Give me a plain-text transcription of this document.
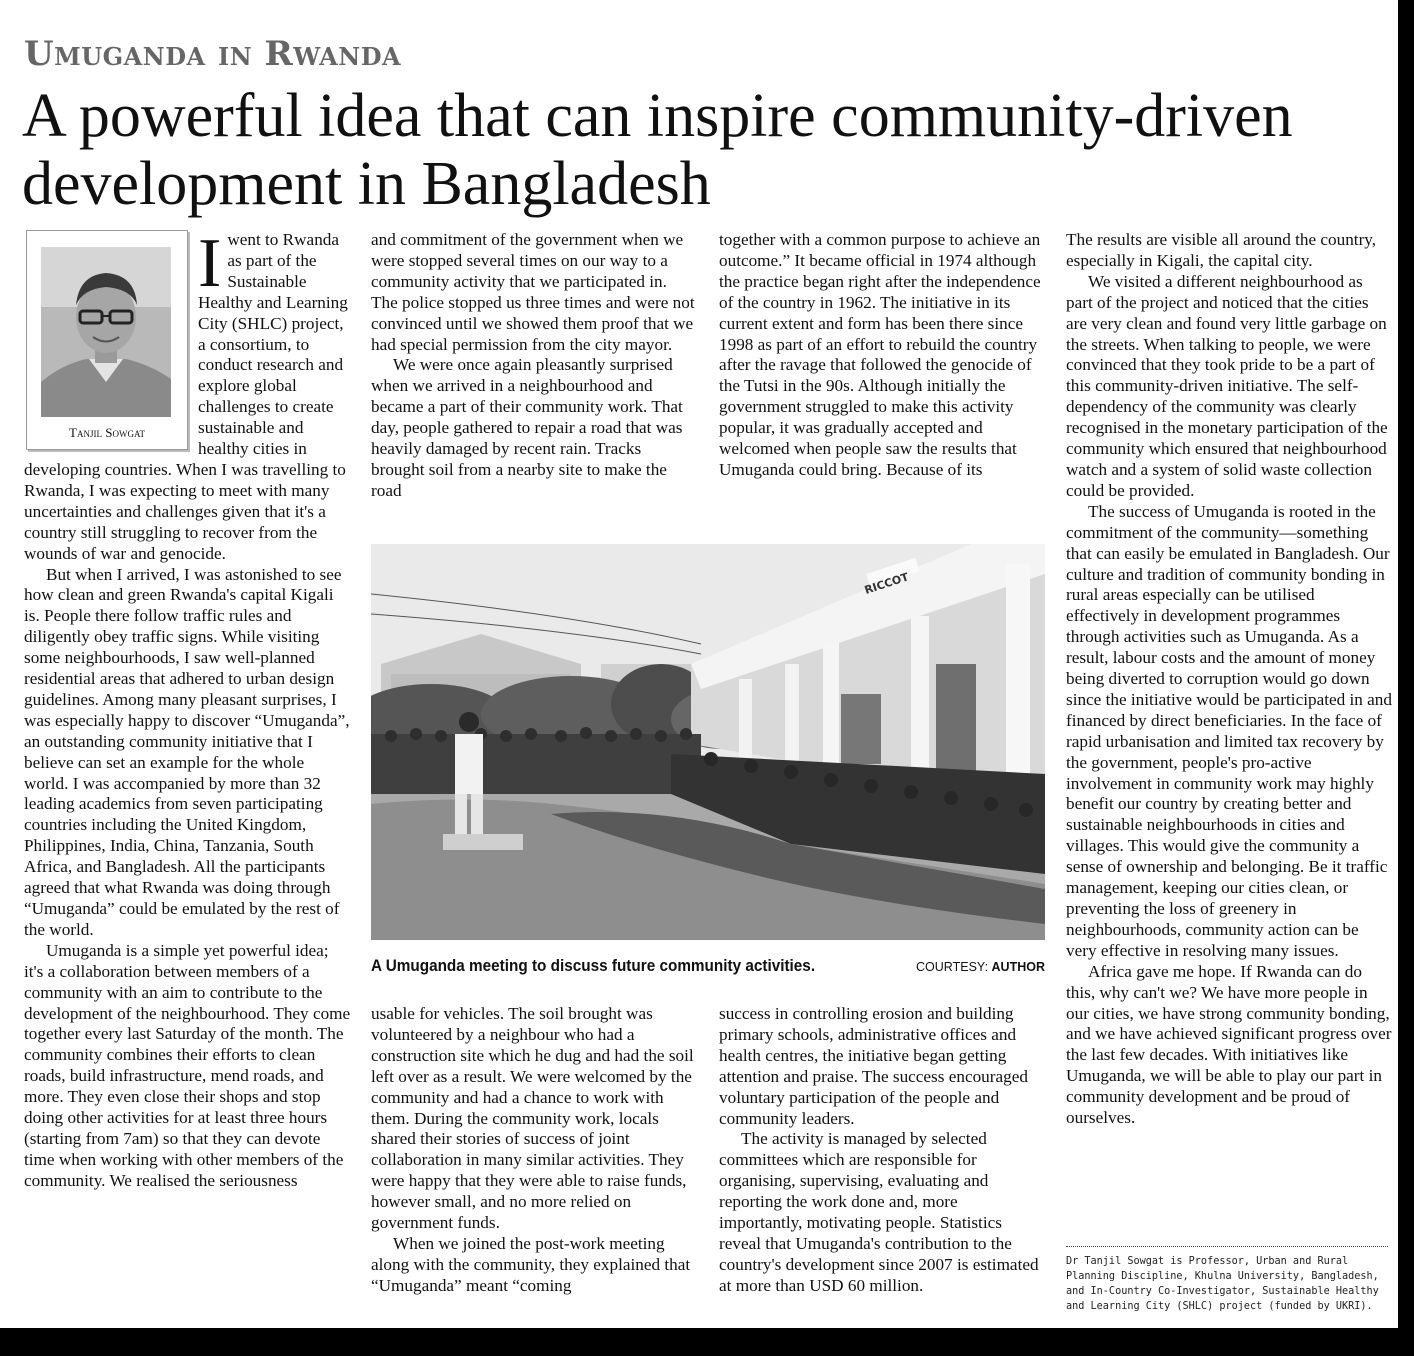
Umuganda in Rwanda
A powerful idea that can inspire community-driven development in Bangladesh
Tanjil Sowgat
I went to Rwanda as part of the Sustainable Healthy and Learning City (SHLC) project, a consortium, to conduct research and explore global challenges to create sustainable and healthy cities in developing countries. When I was travelling to Rwanda, I was expecting to meet with many uncertainties and challenges given that it's a country still struggling to recover from the wounds of war and genocide.

But when I arrived, I was astonished to see how clean and green Rwanda's capital Kigali is. People there follow traffic rules and diligently obey traffic signs. While visiting some neighbourhoods, I saw well-planned residential areas that adhered to urban design guidelines. Among many pleasant surprises, I was especially happy to discover “Umuganda”, an outstanding community initiative that I believe can set an example for the whole world. I was accompanied by more than 32 leading academics from seven participating countries including the United Kingdom, Philippines, India, China, Tanzania, South Africa, and Bangladesh. All the participants agreed that what Rwanda was doing through “Umuganda” could be emulated by the rest of the world.

Umuganda is a simple yet powerful idea; it's a collaboration between members of a community with an aim to contribute to the development of the neighbourhood. They come together every last Saturday of the month. The community combines their efforts to clean roads, build infrastructure, mend roads, and more. They even close their shops and stop doing other activities for at least three hours (starting from 7am) so that they can devote time when working with other members of the community. We realised the seriousness

and commitment of the government when we were stopped several times on our way to a community activity that we participated in. The police stopped us three times and were not convinced until we showed them proof that we had special permission from the city mayor.

We were once again pleasantly surprised when we arrived in a neighbourhood and became a part of their community work. That day, people gathered to repair a road that was heavily damaged by recent rain. Tracks brought soil from a nearby site to make the road

together with a common purpose to achieve an outcome.” It became official in 1974 although the practice began right after the independence of the country in 1962. The initiative in its current extent and form has been there since 1998 as part of an effort to rebuild the country after the ravage that followed the genocide of the Tutsi in the 90s. Although initially the government struggled to make this activity popular, it was gradually accepted and welcomed when people saw the results that Umuganda could bring. Because of its

RICCOT
A Umuganda meeting to discuss future community activities.	COURTESY: AUTHOR

usable for vehicles. The soil brought was volunteered by a neighbour who had a construction site which he dug and had the soil left over as a result. We were welcomed by the community and had a chance to work with them. During the community work, locals shared their stories of success of joint collaboration in many similar activities. They were happy that they were able to raise funds, however small, and no more relied on government funds.

When we joined the post-work meeting along with the community, they explained that “Umuganda” meant “coming

success in controlling erosion and building primary schools, administrative offices and health centres, the initiative began getting attention and praise. The success encouraged voluntary participation of the people and community leaders.

The activity is managed by selected committees which are responsible for organising, supervising, evaluating and reporting the work done and, more importantly, motivating people. Statistics reveal that Umuganda's contribution to the country's development since 2007 is estimated at more than USD 60 million.

The results are visible all around the country, especially in Kigali, the capital city.

We visited a different neighbourhood as part of the project and noticed that the cities are very clean and found very little garbage on the streets. When talking to people, we were convinced that they took pride to be a part of this community-driven initiative. The self-dependency of the community was clearly recognised in the monetary participation of the community which ensured that neighbourhood watch and a system of solid waste collection could be provided.

The success of Umuganda is rooted in the commitment of the community—something that can easily be emulated in Bangladesh. Our culture and tradition of community bonding in rural areas especially can be utilised effectively in development programmes through activities such as Umuganda. As a result, labour costs and the amount of money being diverted to corruption would go down since the initiative would be participated in and financed by direct beneficiaries. In the face of rapid urbanisation and limited tax recovery by the government, people's pro-active involvement in community work may highly benefit our country by creating better and sustainable neighbourhoods in cities and villages. This would give the community a sense of ownership and belonging. Be it traffic management, keeping our cities clean, or preventing the loss of greenery in neighbourhoods, community action can be very effective in resolving many issues.

Africa gave me hope. If Rwanda can do this, why can't we? We have more people in our cities, we have strong community bonding, and we have achieved significant progress over the last few decades. With initiatives like Umuganda, we will be able to play our part in community development and be proud of ourselves.

Dr Tanjil Sowgat is Professor, Urban and Rural Planning Discipline, Khulna University, Bangladesh, and In-Country Co-Investigator, Sustainable Healthy and Learning City (SHLC) project (funded by UKRI).
